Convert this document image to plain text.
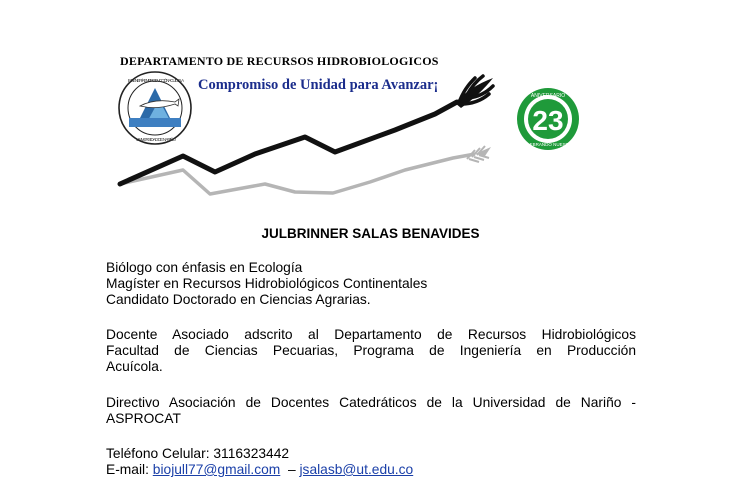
INGENIERÍA EN PRODUCCIÓN ACUÍCOLA
UNIVERSIDAD DE NARIÑO
23
ANIVERSARIO
CELEBRANDO NUESTRO
DEPARTAMENTO DE RECURSOS HIDROBIOLOGICOS
Compromiso de Unidad para Avanzar¡
JULBRINNER SALAS BENAVIDES
Biólogo con énfasis en Ecología
Magíster en Recursos Hidrobiológicos Continentales
Candidato Doctorado en Ciencias Agrarias.
Docente Asociado adscrito al Departamento de Recursos Hidrobiológicos
Facultad de Ciencias Pecuarias, Programa de Ingeniería en Producción
Acuícola.
Directivo Asociación de Docentes Catedráticos de la Universidad de Nariño -
ASPROCAT
Teléfono Celular: 3116323442
E-mail: biojull77@gmail.com – jsalasb@ut.edu.co
